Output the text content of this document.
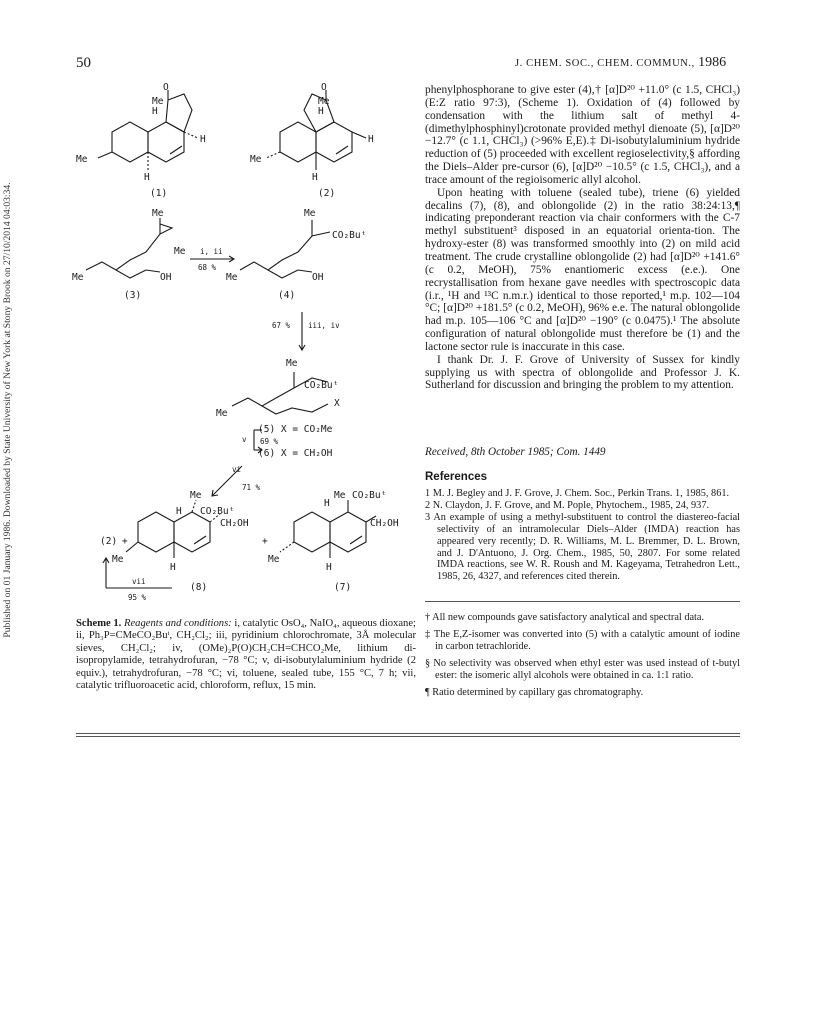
Published on 01 January 1986. Downloaded by State University of New York at Stony Brook on 27/10/2014 04:03:34.
50	J. CHEM. SOC., CHEM. COMMUN., 1986
O
Me
H
H
Me
H
(1)
O
Me
H
H
Me
H
(2)
Me
Me
Me	OH
(3)
i, ii
68 %
Me
CO₂Buᵗ
Me	OH
(4)
67 % iii, iv
Me
CO₂Buᵗ
X
Me
(5) X = CO₂Me
(6) X = CH₂OH
v 69 %
vi
71 %
Me
H CO₂Buᵗ
CH₂OH
(2) +
Me
H
(8)
vii
95 %
+
Me
H
CO₂Buᵗ
CH₂OH
Me
H
(7)
Scheme 1. Reagents and conditions: i, catalytic OsO₄, NaIO₄, aqueous dioxane; ii, Ph₃P=CMeCO₂Buᵗ, CH₂Cl₂; iii, pyridinium chlorochromate, 3Å molecular sieves, CH₂Cl₂; iv, (OMe)₂P(O)CH₂CH=CHCO₂Me, lithium di-isopropylamide, tetrahydrofuran, −78 °C; v, di-isobutylaluminium hydride (2 equiv.), tetrahydrofuran, −78 °C; vi, toluene, sealed tube, 155 °C, 7 h; vii, catalytic trifluoroacetic acid, chloroform, reflux, 15 min.

phenylphosphorane to give ester (4),† [α]D²⁰ +11.0° (c 1.5, CHCl₃) (E:Z ratio 97:3), (Scheme 1). Oxidation of (4) followed by condensation with the lithium salt of methyl 4-(dimethylphosphinyl)crotonate provided methyl dienoate (5), [α]D²⁰ −12.7° (c 1.1, CHCl₃) (>96% E,E).‡ Di-isobutylaluminium hydride reduction of (5) proceeded with excellent regioselectivity,§ affording the Diels–Alder pre-cursor (6), [α]D²⁰ −10.5° (c 1.5, CHCl₃), and a trace amount of the regioisomeric allyl alcohol.

Upon heating with toluene (sealed tube), triene (6) yielded decalins (7), (8), and oblongolide (2) in the ratio 38:24:13,¶ indicating preponderant reaction via chair conformers with the C-7 methyl substituent³ disposed in an equatorial orienta-tion. The hydroxy-ester (8) was transformed smoothly into (2) on mild acid treatment. The crude crystalline oblongolide (2) had [α]D²⁰ +141.6° (c 0.2, MeOH), 75% enantiomeric excess (e.e.). One recrystallisation from hexane gave needles with spectroscopic data (i.r., ¹H and ¹³C n.m.r.) identical to those reported,¹ m.p. 102—104 °C; [α]D²⁰ +181.5° (c 0.2, MeOH), 96% e.e. The natural oblongolide had m.p. 105—106 °C and [α]D²⁰ −190° (c 0.0475).¹ The absolute configuration of natural oblongolide must therefore be (1) and the lactone sector rule is inaccurate in this case.

I thank Dr. J. F. Grove of University of Sussex for kindly supplying us with spectra of oblongolide and Professor J. K. Sutherland for discussion and bringing the problem to my attention.

Received, 8th October 1985; Com. 1449
References

1 M. J. Begley and J. F. Grove, J. Chem. Soc., Perkin Trans. 1, 1985, 861.

2 N. Claydon, J. F. Grove, and M. Pople, Phytochem., 1985, 24, 937.

3 An example of using a methyl-substituent to control the diastereo-facial selectivity of an intramolecular Diels–Alder (IMDA) reaction has appeared very recently; D. R. Williams, M. L. Bremmer, D. L. Brown, and J. D'Antuono, J. Org. Chem., 1985, 50, 2807. For some related IMDA reactions, see W. R. Roush and M. Kageyama, Tetrahedron Lett., 1985, 26, 4327, and references cited therein.

† All new compounds gave satisfactory analytical and spectral data.

‡ The E,Z-isomer was converted into (5) with a catalytic amount of iodine in carbon tetrachloride.

§ No selectivity was observed when ethyl ester was used instead of t-butyl ester: the isomeric allyl alcohols were obtained in ca. 1:1 ratio.

¶ Ratio determined by capillary gas chromatography.
